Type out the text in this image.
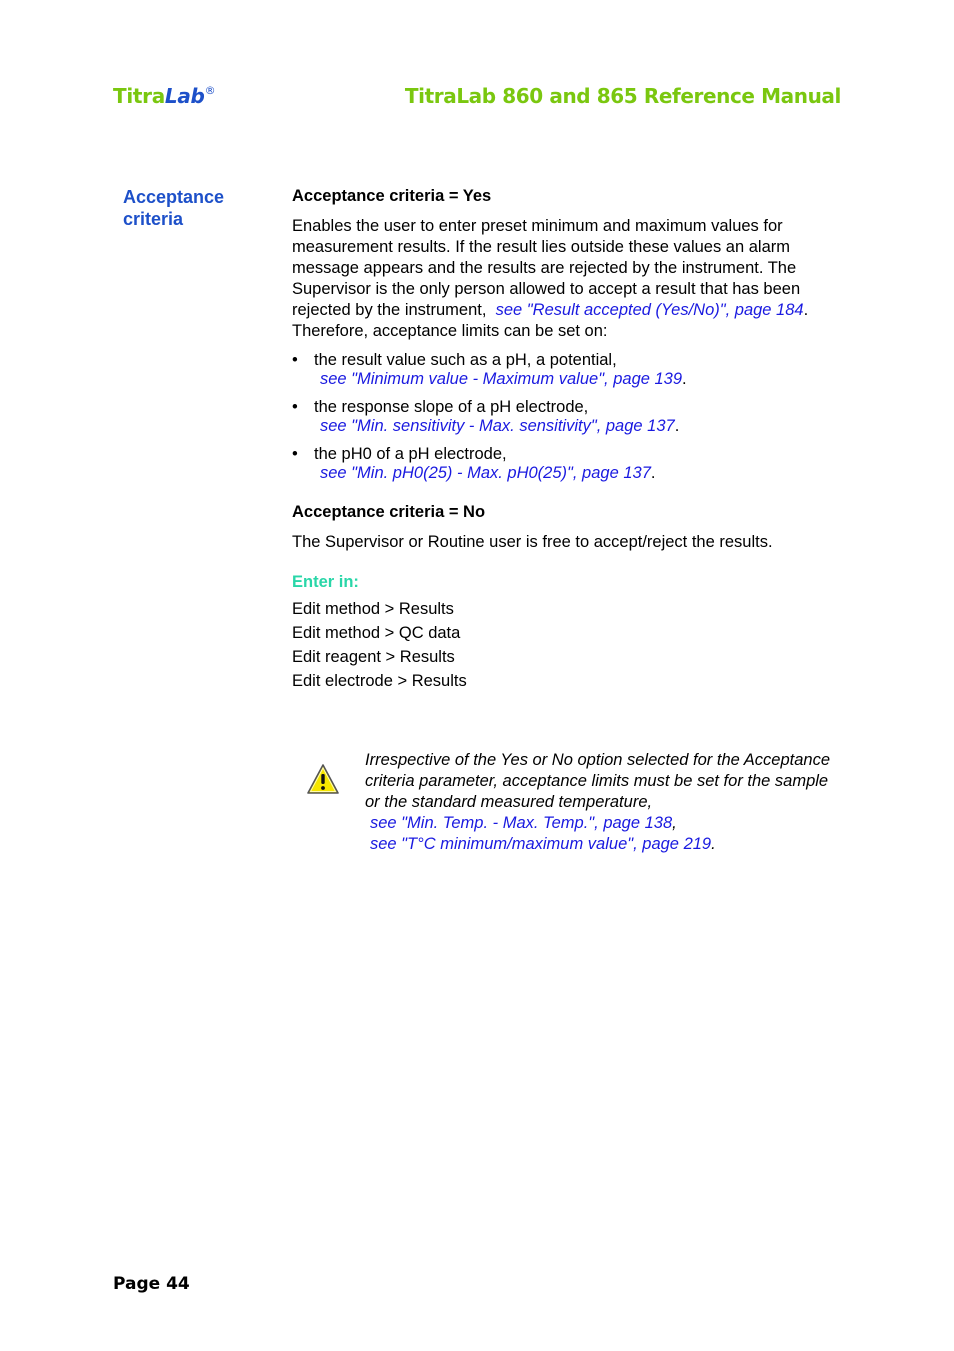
TitraLab®	TitraLab 860 and 865 Reference Manual
Acceptance criteria

Acceptance criteria = Yes

Enables the user to enter preset minimum and maximum values for measurement results. If the result lies outside these values an alarm message appears and the results are rejected by the instrument. The Supervisor is the only person allowed to accept a result that has been rejected by the instrument, see "Result accepted (Yes/No)", page 184.

Therefore, acceptance limits can be set on:

• the result value such as a pH, a potential,
see "Minimum value - Maximum value", page 139.
• the response slope of a pH electrode,
see "Min. sensitivity - Max. sensitivity", page 137.
• the pH0 of a pH electrode,
see "Min. pH0(25) - Max. pH0(25)", page 137.

Acceptance criteria = No

The Supervisor or Routine user is free to accept/reject the results.

Enter in:

Edit method > Results
Edit method > QC data
Edit reagent > Results
Edit electrode > Results
Irrespective of the Yes or No option selected for the Acceptance criteria parameter, acceptance limits must be set for the sample or the standard measured temperature,
see "Min. Temp. - Max. Temp.", page 138,
see "T°C minimum/maximum value", page 219.
Page 44
